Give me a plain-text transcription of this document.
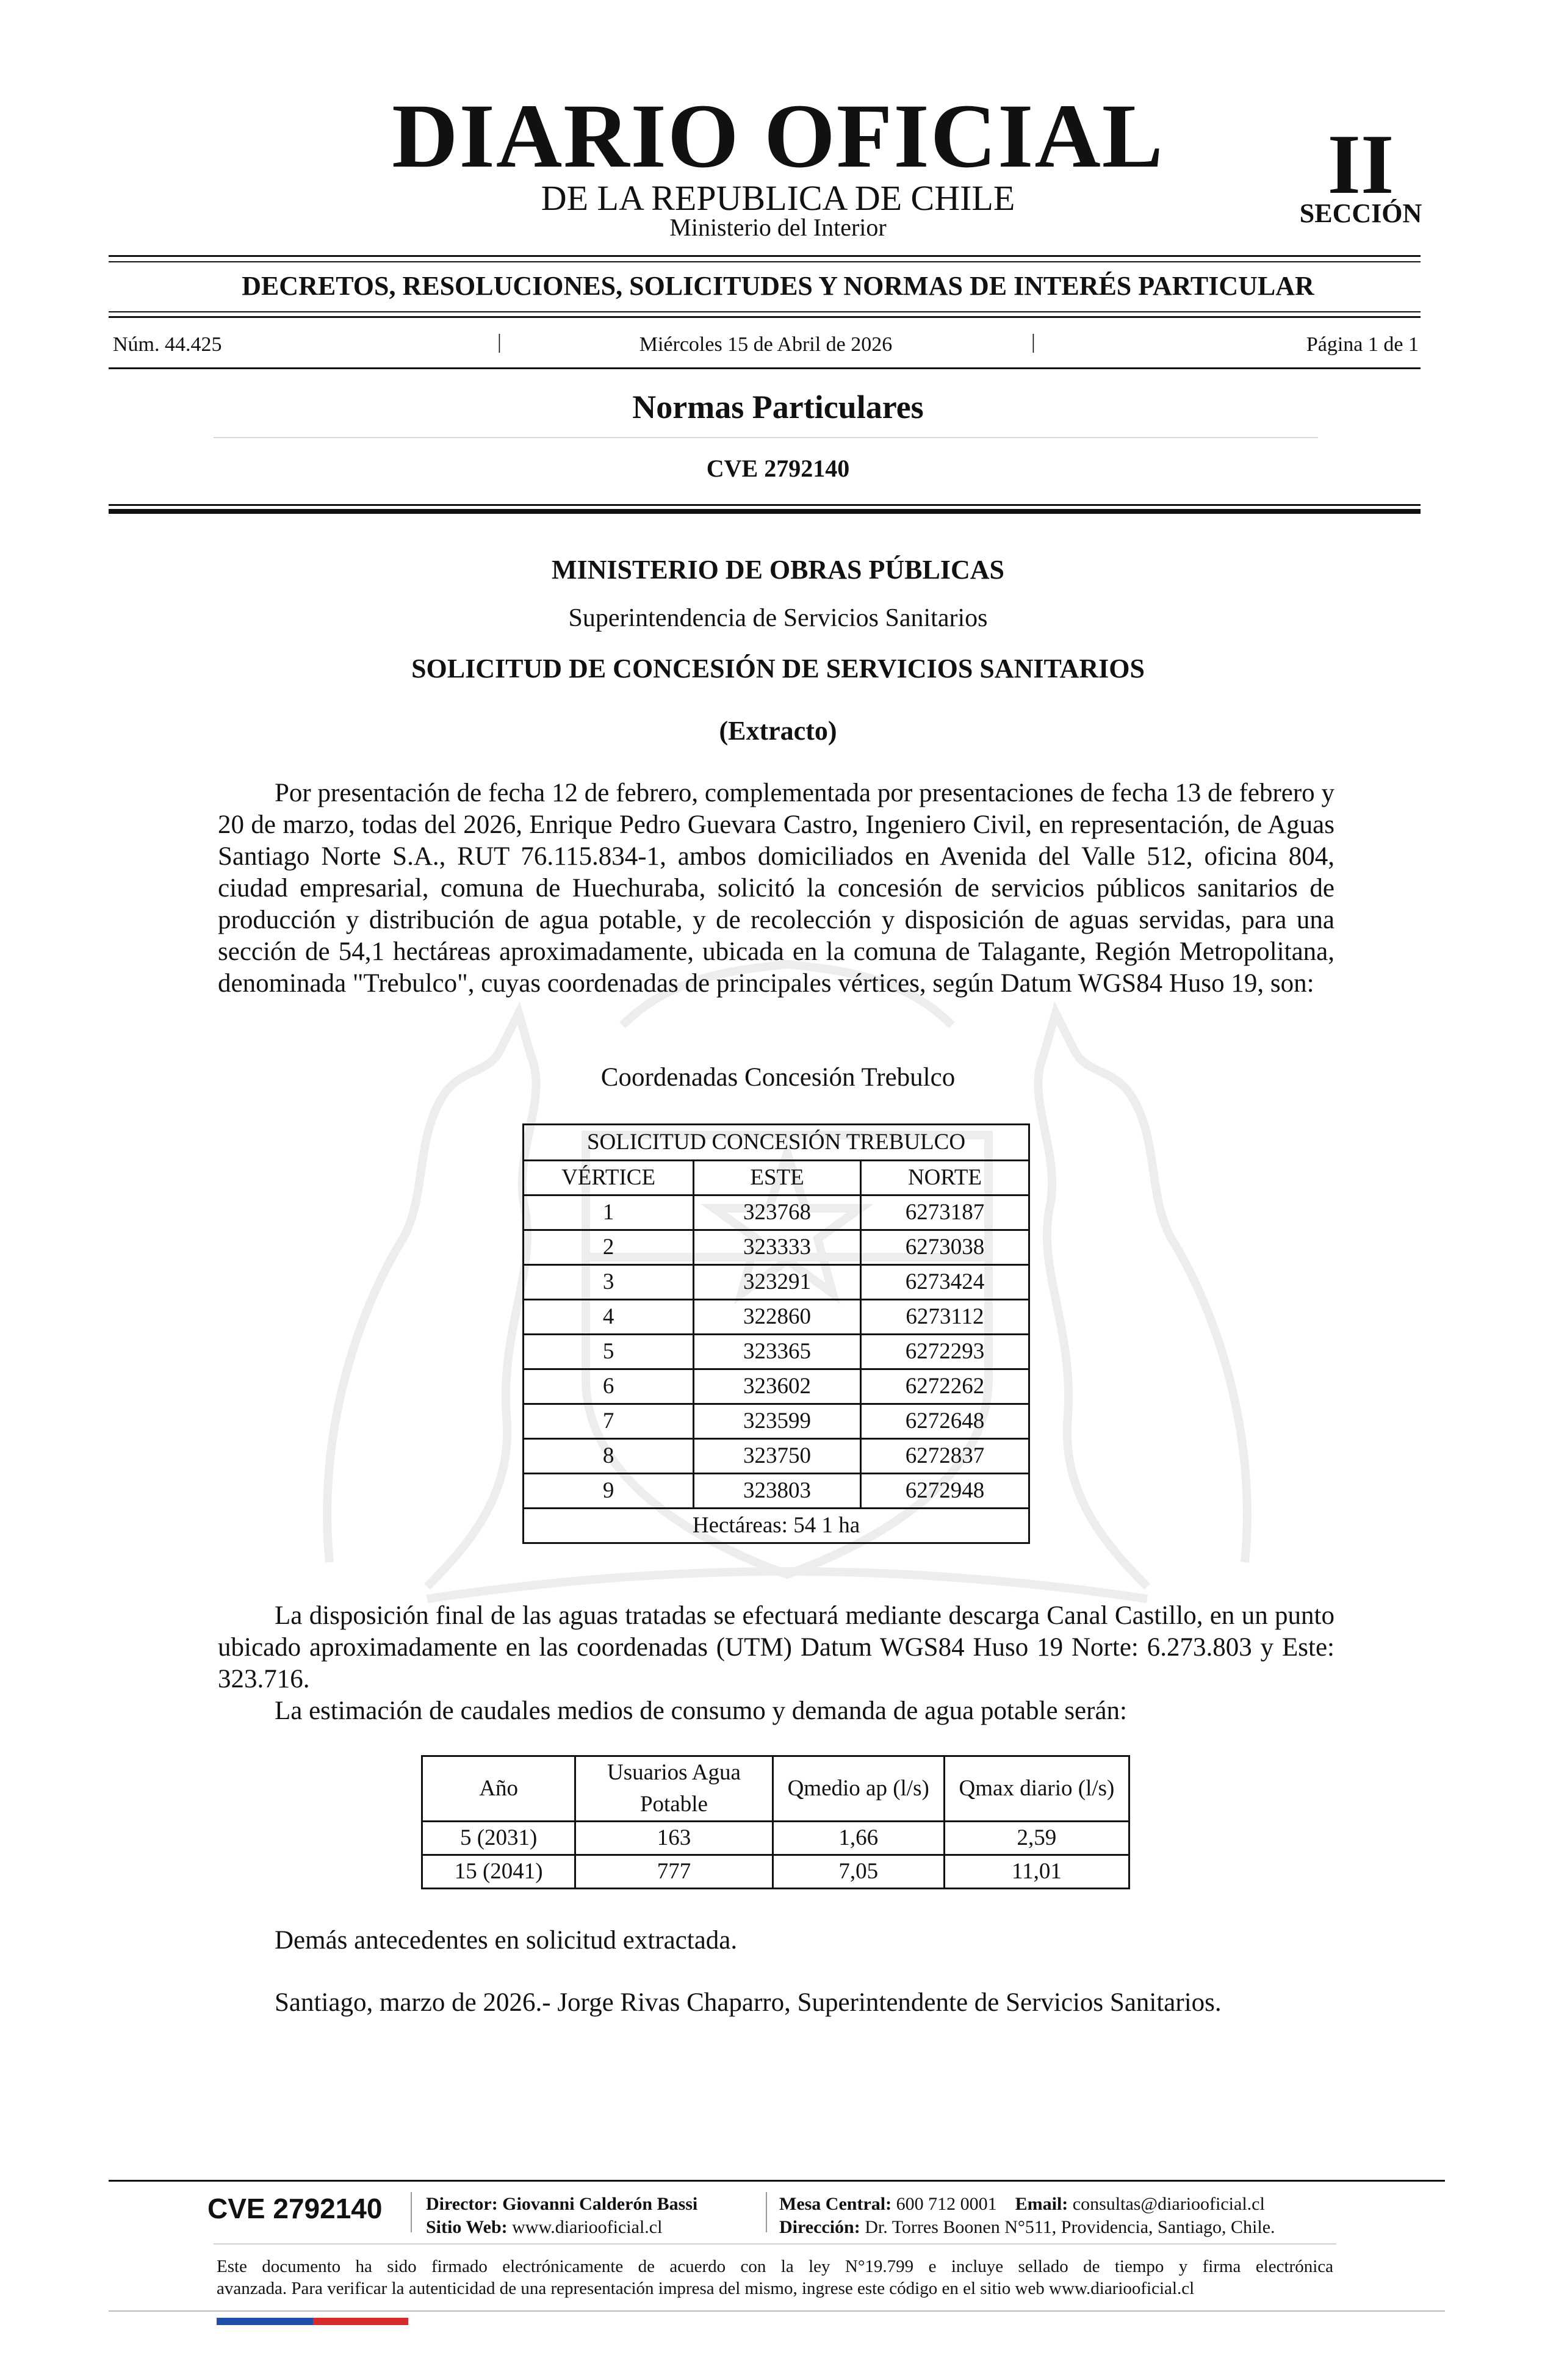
DIARIO OFICIAL
DE LA REPUBLICA DE CHILE
Ministerio del Interior
II
SECCIÓN
DECRETOS, RESOLUCIONES, SOLICITUDES Y NORMAS DE INTERÉS PARTICULAR
Núm. 44.425	|	Miércoles 15 de Abril de 2026	|	Página 1 de 1
Normas Particulares
CVE 2792140
MINISTERIO DE OBRAS PÚBLICAS
Superintendencia de Servicios Sanitarios
SOLICITUD DE CONCESIÓN DE SERVICIOS SANITARIOS
(Extracto)

Por presentación de fecha 12 de febrero, complementada por presentaciones de fecha 13 de febrero y 20 de marzo, todas del 2026, Enrique Pedro Guevara Castro, Ingeniero Civil, en representación, de Aguas Santiago Norte S.A., RUT 76.115.834-1, ambos domiciliados en Avenida del Valle 512, oficina 804, ciudad empresarial, comuna de Huechuraba, solicitó la concesión de servicios públicos sanitarios de producción y distribución de agua potable, y de recolección y disposición de aguas servidas, para una sección de 54,1 hectáreas aproximadamente, ubicada en la comuna de Talagante, Región Metropolitana, denominada "Trebulco", cuyas coordenadas de principales vértices, según Datum WGS84 Huso 19, son:

Coordenadas Concesión Trebulco
SOLICITUD CONCESIÓN TREBULCO		
VÉRTICE	ESTE	NORTE
1	323768	6273187
2	323333	6273038
3	323291	6273424
4	322860	6273112
5	323365	6272293
6	323602	6272262
7	323599	6272648
8	323750	6272837
9	323803	6272948
Hectáreas: 54 1 ha		

La disposición final de las aguas tratadas se efectuará mediante descarga Canal Castillo, en un punto ubicado aproximadamente en las coordenadas (UTM) Datum WGS84 Huso 19 Norte: 6.273.803 y Este: 323.716.

La estimación de caudales medios de consumo y demanda de agua potable serán:

Año	Usuarios Agua Potable	Qmedio ap (l/s)	Qmax diario (l/s)
5 (2031)	163	1,66	2,59
15 (2041)	777	7,05	11,01

Demás antecedentes en solicitud extractada.

Santiago, marzo de 2026.- Jorge Rivas Chaparro, Superintendente de Servicios Sanitarios.

CVE 2792140 Director: Giovanni Calderón Bassi
Sitio Web: www.diariooficial.cl
Mesa Central: 600 712 0001 Email: consultas@diariooficial.cl
Dirección: Dr. Torres Boonen N°511, Providencia, Santiago, Chile.
Este documento ha sido firmado electrónicamente de acuerdo con la ley N°19.799 e incluye sellado de tiempo y firma electrónica
avanzada. Para verificar la autenticidad de una representación impresa del mismo, ingrese este código en el sitio web www.diariooficial.cl
